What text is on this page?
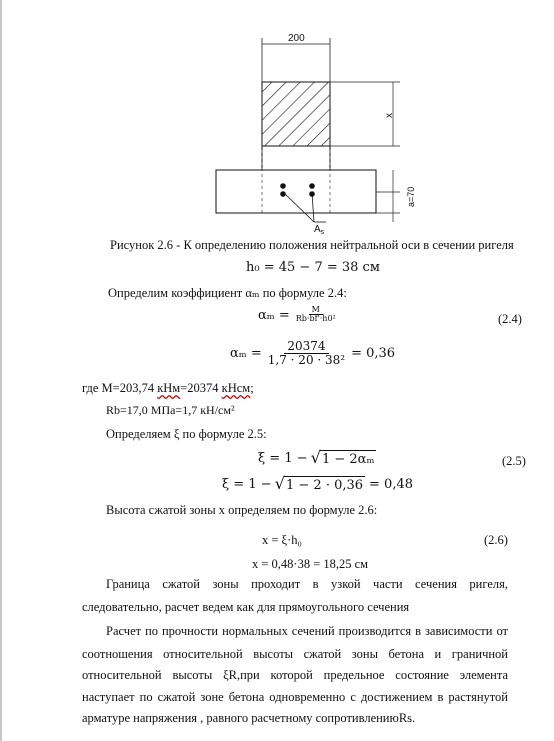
200
x
a=70
$A_s$
Рисунок 2.6 - К определению положения нейтральной оси в сечении ригеля
h₀ = 45 − 7 = 38 см
Определим коэффициент αₘ по формуле 2.4:
$\alpha_m = \frac{M}{\text{Rb·bf'·h0²}}$	(2.4)
$\alpha_m = \frac{20374}{\text{1,7 · 20 · 38²}} = 0,36$
где М=203,74 кНм=20374 кНсм;
Rb=17,0 МПа=1,7 кН/см²
Определяем ξ по формуле 2.5:
ξ = 1 − √ 1 − 2αₘ	(2.5)
ξ = 1 − √ 1 − 2 · 0,36 = 0,48
Высота сжатой зоны x определяем по формуле 2.6:
x = ξ·h₀	(2.6)
x = 0,48·38 = 18,25 см
Граница сжатой зоны проходит в узкой части сечения ригеля,
следовательно, расчет ведем как для прямоугольного сечения
Расчет по прочности нормальных сечений производится в зависимости от
соотношения относительной высоты сжатой зоны бетона и граничной
относительной высоты ξR,при которой предельное состояние элемента
наступает по сжатой зоне бетона одновременно с достижением в растянутой
арматуре напряжения , равного расчетному сопротивлениюRs.
